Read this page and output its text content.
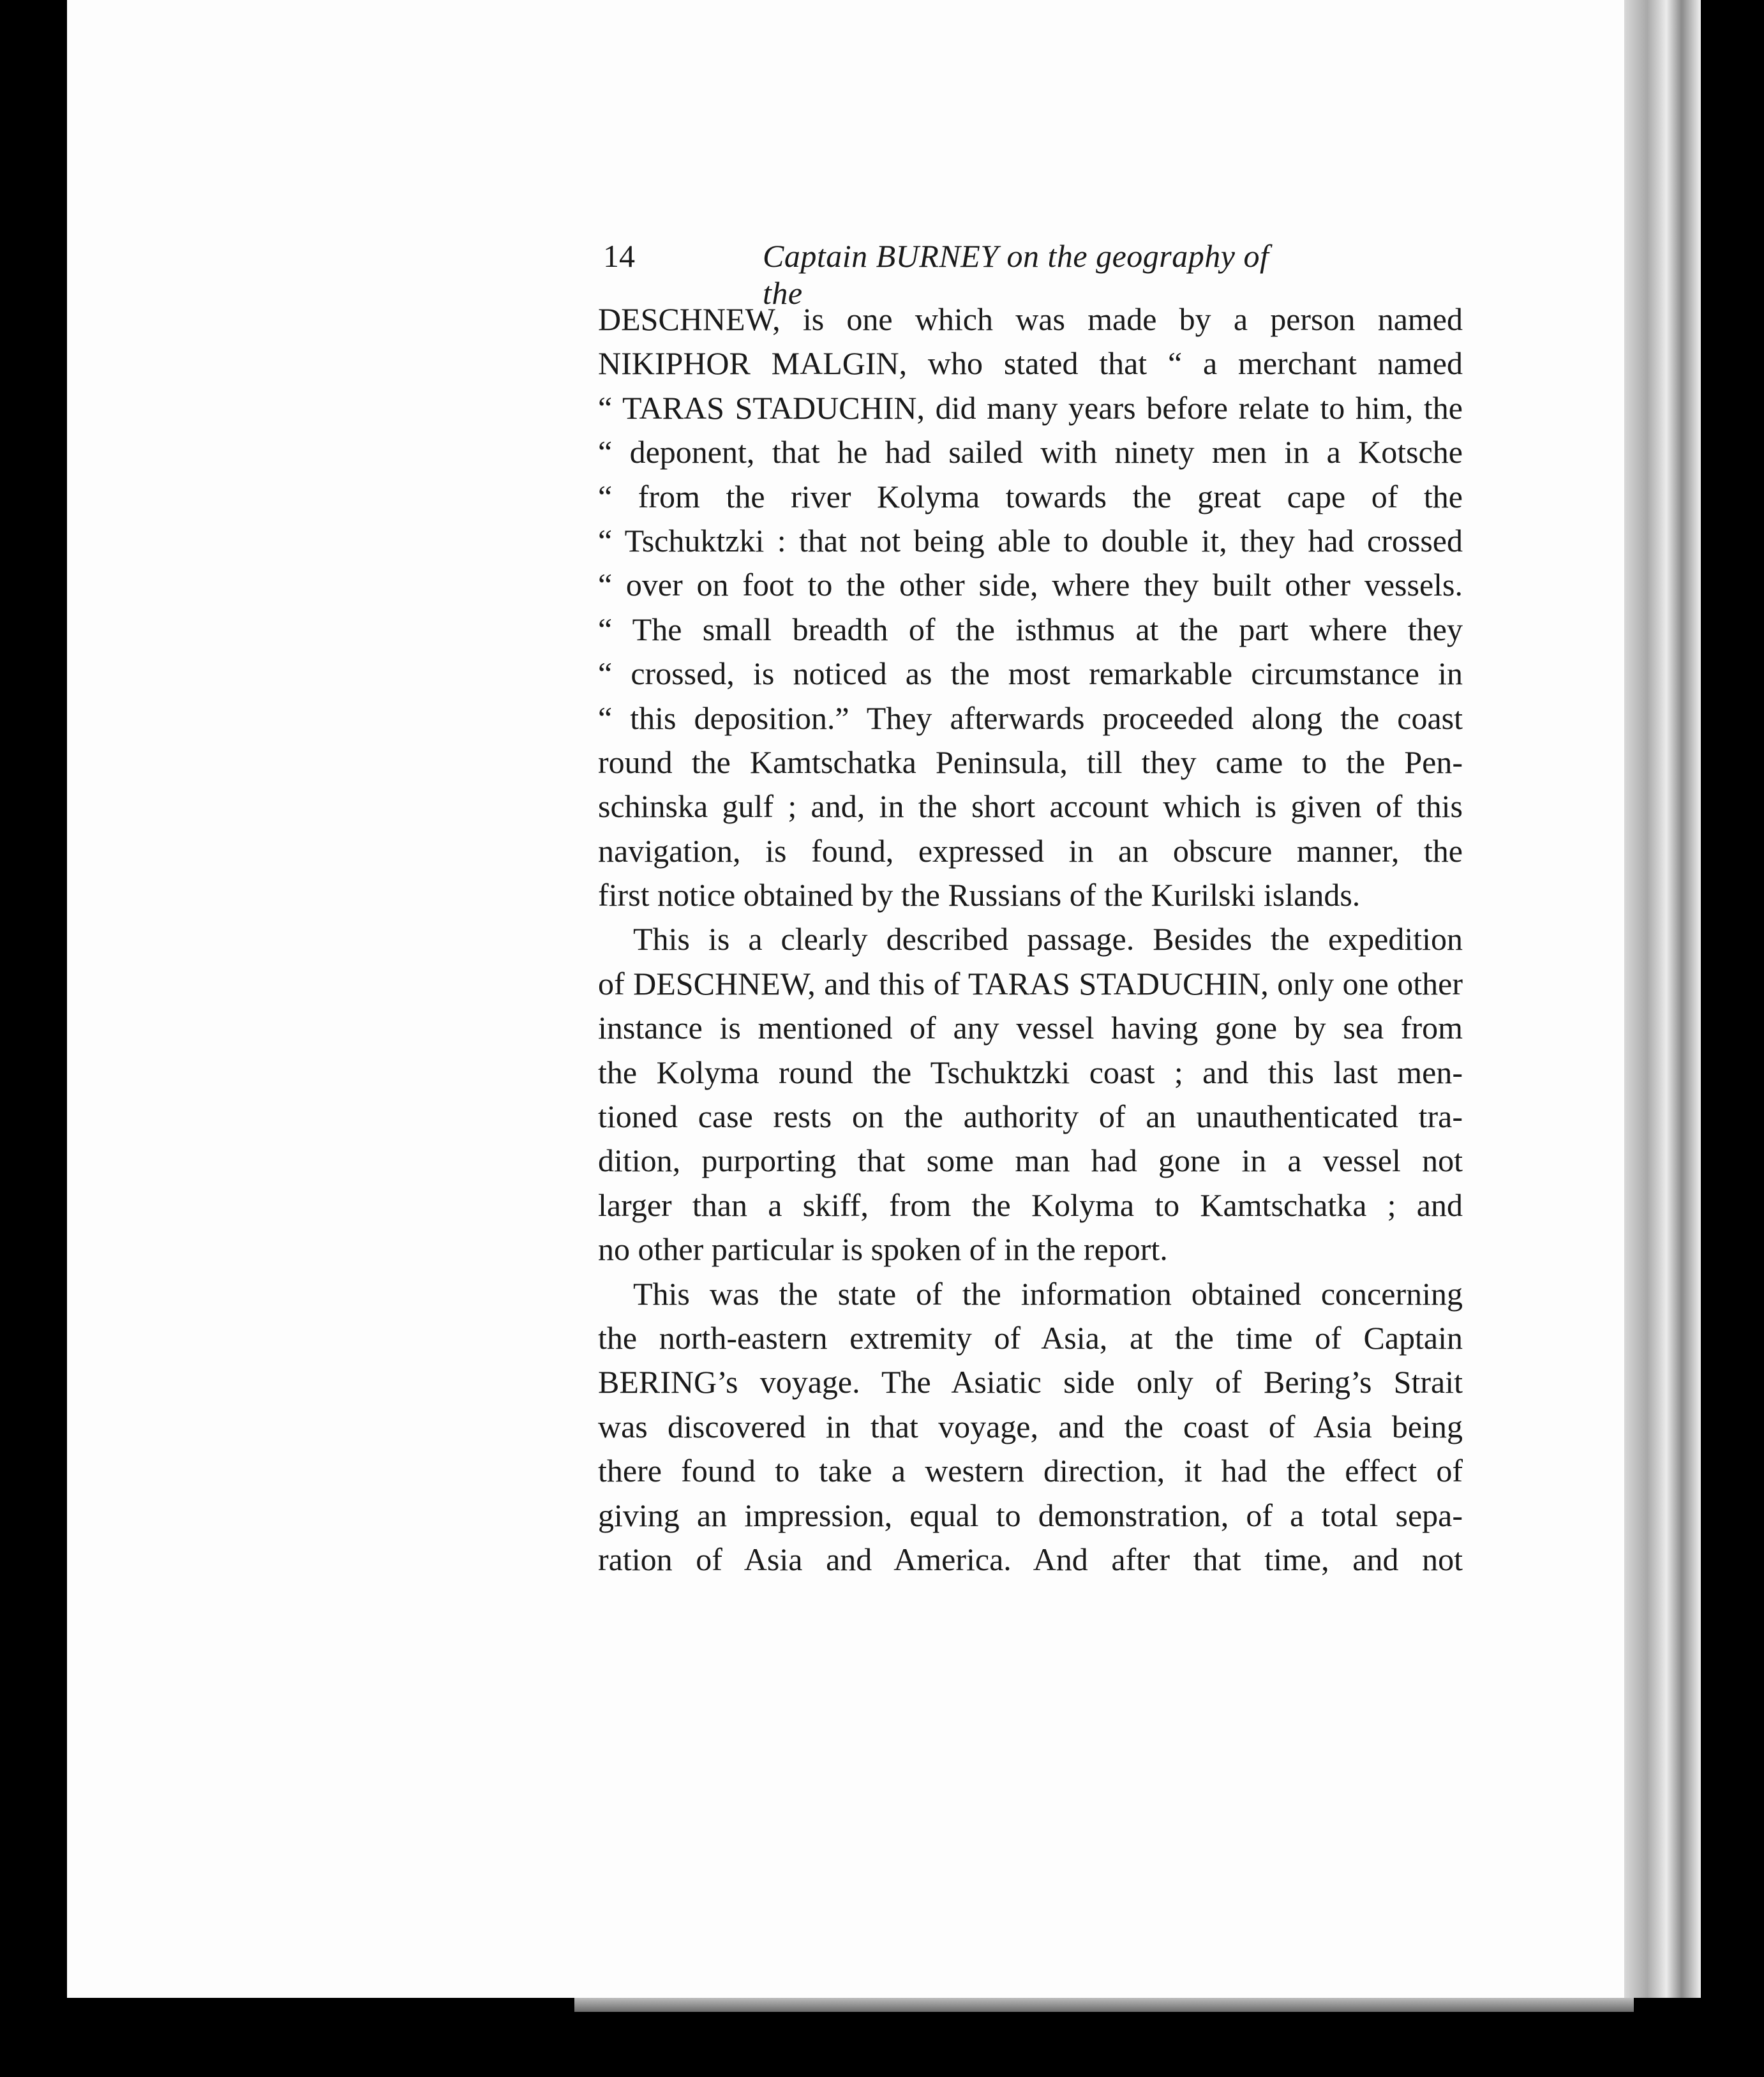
14	Captain BURNEY on the geography of the
DESCHNEW, is one which was made by a person named
NIKIPHOR MALGIN, who stated that “ a merchant named
“ TARAS STADUCHIN, did many years before relate to him, the
“ deponent, that he had sailed with ninety men in a Kotsche
“ from the river Kolyma towards the great cape of the
“ Tschuktzki : that not being able to double it, they had crossed
“ over on foot to the other side, where they built other vessels.
“ The small breadth of the isthmus at the part where they
“ crossed, is noticed as the most remarkable circumstance in
“ this deposition.” They afterwards proceeded along the coast
round the Kamtschatka Peninsula, till they came to the Pen-
schinska gulf ; and, in the short account which is given of this
navigation, is found, expressed in an obscure manner, the
first notice obtained by the Russians of the Kurilski islands.
This is a clearly described passage. Besides the expedition
of DESCHNEW, and this of TARAS STADUCHIN, only one other
instance is mentioned of any vessel having gone by sea from
the Kolyma round the Tschuktzki coast ; and this last men-
tioned case rests on the authority of an unauthenticated tra-
dition, purporting that some man had gone in a vessel not
larger than a skiff, from the Kolyma to Kamtschatka ; and
no other particular is spoken of in the report.
This was the state of the information obtained concerning
the north-eastern extremity of Asia, at the time of Captain
BERING’s voyage. The Asiatic side only of Bering’s Strait
was discovered in that voyage, and the coast of Asia being
there found to take a western direction, it had the effect of
giving an impression, equal to demonstration, of a total sepa-
ration of Asia and America. And after that time, and not
